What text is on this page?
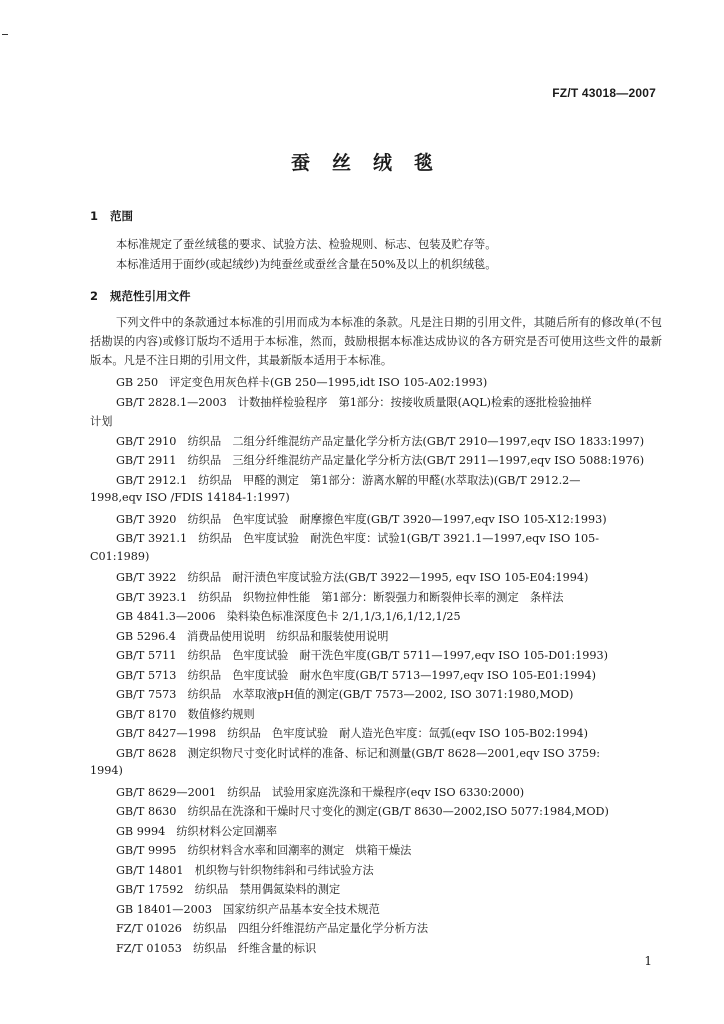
FZ/T 43018—2007
蚕丝绒毯
1 范围
本标准规定了蚕丝绒毯的要求、试验方法、检验规则、标志、包装及贮存等。
本标准适用于面纱(或起绒纱)为纯蚕丝或蚕丝含量在50%及以上的机织绒毯。
2 规范性引用文件
下列文件中的条款通过本标准的引用而成为本标准的条款。凡是注日期的引用文件，其随后所有的修改单(不包括勘误的内容)或修订版均不适用于本标准，然而，鼓励根据本标准达成协议的各方研究是否可使用这些文件的最新版本。凡是不注日期的引用文件，其最新版本适用于本标准。
GB 250　评定变色用灰色样卡(GB 250—1995,idt ISO 105-A02:1993)
GB/T 2828.1—2003　计数抽样检验程序　第1部分：按接收质量限(AQL)检索的逐批检验抽样
计划
GB/T 2910　纺织品　二组分纤维混纺产品定量化学分析方法(GB/T 2910—1997,eqv ISO 1833:1997)
GB/T 2911　纺织品　三组分纤维混纺产品定量化学分析方法(GB/T 2911—1997,eqv ISO 5088:1976)
GB/T 2912.1　纺织品　甲醛的测定　第1部分：游离水解的甲醛(水萃取法)(GB/T 2912.2—
1998,eqv ISO /FDIS 14184-1:1997)
GB/T 3920　纺织品　色牢度试验　耐摩擦色牢度(GB/T 3920—1997,eqv ISO 105-X12:1993)
GB/T 3921.1　纺织品　色牢度试验　耐洗色牢度：试验1(GB/T 3921.1—1997,eqv ISO 105-
C01:1989)
GB/T 3922　纺织品　耐汗渍色牢度试验方法(GB/T 3922—1995, eqv ISO 105-E04:1994)
GB/T 3923.1　纺织品　织物拉伸性能　第1部分：断裂强力和断裂伸长率的测定　条样法
GB 4841.3—2006　染料染色标准深度色卡 2/1,1/3,1/6,1/12,1/25
GB 5296.4　消费品使用说明　纺织品和服装使用说明
GB/T 5711　纺织品　色牢度试验　耐干洗色牢度(GB/T 5711—1997,eqv ISO 105-D01:1993)
GB/T 5713　纺织品　色牢度试验　耐水色牢度(GB/T 5713—1997,eqv ISO 105-E01:1994)
GB/T 7573　纺织品　水萃取液pH值的测定(GB/T 7573—2002, ISO 3071:1980,MOD)
GB/T 8170　数值修约规则
GB/T 8427—1998　纺织品　色牢度试验　耐人造光色牢度：氙弧(eqv ISO 105-B02:1994)
GB/T 8628　测定织物尺寸变化时试样的准备、标记和测量(GB/T 8628—2001,eqv ISO 3759:
1994)
GB/T 8629—2001　纺织品　试验用家庭洗涤和干燥程序(eqv ISO 6330:2000)
GB/T 8630　纺织品在洗涤和干燥时尺寸变化的测定(GB/T 8630—2002,ISO 5077:1984,MOD)
GB 9994　纺织材料公定回潮率
GB/T 9995　纺织材料含水率和回潮率的测定　烘箱干燥法
GB/T 14801　机织物与针织物纬斜和弓纬试验方法
GB/T 17592　纺织品　禁用偶氮染料的测定
GB 18401—2003　国家纺织产品基本安全技术规范
FZ/T 01026　纺织品　四组分纤维混纺产品定量化学分析方法
FZ/T 01053　纺织品　纤维含量的标识
1
